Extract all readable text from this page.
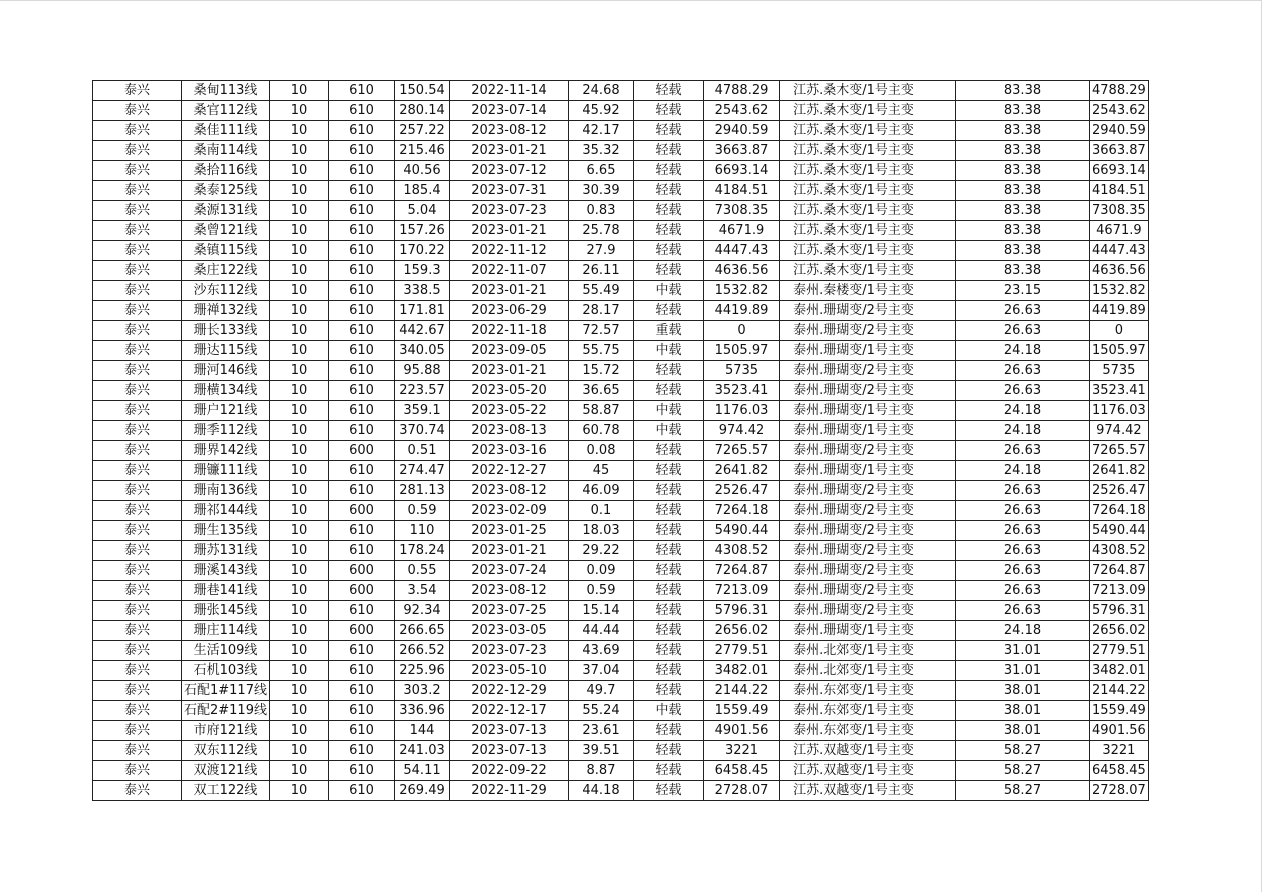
泰兴	桑甸113线	10	610	150.54	2022-11-14	24.68	轻载	4788.29	江苏.桑木变/1号主变	83.38	4788.29
泰兴	桑官112线	10	610	280.14	2023-07-14	45.92	轻载	2543.62	江苏.桑木变/1号主变	83.38	2543.62
泰兴	桑佳111线	10	610	257.22	2023-08-12	42.17	轻载	2940.59	江苏.桑木变/1号主变	83.38	2940.59
泰兴	桑南114线	10	610	215.46	2023-01-21	35.32	轻载	3663.87	江苏.桑木变/1号主变	83.38	3663.87
泰兴	桑拾116线	10	610	40.56	2023-07-12	6.65	轻载	6693.14	江苏.桑木变/1号主变	83.38	6693.14
泰兴	桑泰125线	10	610	185.4	2023-07-31	30.39	轻载	4184.51	江苏.桑木变/1号主变	83.38	4184.51
泰兴	桑源131线	10	610	5.04	2023-07-23	0.83	轻载	7308.35	江苏.桑木变/1号主变	83.38	7308.35
泰兴	桑曾121线	10	610	157.26	2023-01-21	25.78	轻载	4671.9	江苏.桑木变/1号主变	83.38	4671.9
泰兴	桑镇115线	10	610	170.22	2022-11-12	27.9	轻载	4447.43	江苏.桑木变/1号主变	83.38	4447.43
泰兴	桑庄122线	10	610	159.3	2022-11-07	26.11	轻载	4636.56	江苏.桑木变/1号主变	83.38	4636.56
泰兴	沙东112线	10	610	338.5	2023-01-21	55.49	中载	1532.82	泰州.秦楼变/1号主变	23.15	1532.82
泰兴	珊禅132线	10	610	171.81	2023-06-29	28.17	轻载	4419.89	泰州.珊瑚变/2号主变	26.63	4419.89
泰兴	珊长133线	10	610	442.67	2022-11-18	72.57	重载	0	泰州.珊瑚变/2号主变	26.63	0
泰兴	珊达115线	10	610	340.05	2023-09-05	55.75	中载	1505.97	泰州.珊瑚变/1号主变	24.18	1505.97
泰兴	珊河146线	10	610	95.88	2023-01-21	15.72	轻载	5735	泰州.珊瑚变/2号主变	26.63	5735
泰兴	珊横134线	10	610	223.57	2023-05-20	36.65	轻载	3523.41	泰州.珊瑚变/2号主变	26.63	3523.41
泰兴	珊户121线	10	610	359.1	2023-05-22	58.87	中载	1176.03	泰州.珊瑚变/1号主变	24.18	1176.03
泰兴	珊季112线	10	610	370.74	2023-08-13	60.78	中载	974.42	泰州.珊瑚变/1号主变	24.18	974.42
泰兴	珊界142线	10	600	0.51	2023-03-16	0.08	轻载	7265.57	泰州.珊瑚变/2号主变	26.63	7265.57
泰兴	珊镰111线	10	610	274.47	2022-12-27	45	轻载	2641.82	泰州.珊瑚变/1号主变	24.18	2641.82
泰兴	珊南136线	10	610	281.13	2023-08-12	46.09	轻载	2526.47	泰州.珊瑚变/2号主变	26.63	2526.47
泰兴	珊祁144线	10	600	0.59	2023-02-09	0.1	轻载	7264.18	泰州.珊瑚变/2号主变	26.63	7264.18
泰兴	珊生135线	10	610	110	2023-01-25	18.03	轻载	5490.44	泰州.珊瑚变/2号主变	26.63	5490.44
泰兴	珊苏131线	10	610	178.24	2023-01-21	29.22	轻载	4308.52	泰州.珊瑚变/2号主变	26.63	4308.52
泰兴	珊溪143线	10	600	0.55	2023-07-24	0.09	轻载	7264.87	泰州.珊瑚变/2号主变	26.63	7264.87
泰兴	珊巷141线	10	600	3.54	2023-08-12	0.59	轻载	7213.09	泰州.珊瑚变/2号主变	26.63	7213.09
泰兴	珊张145线	10	610	92.34	2023-07-25	15.14	轻载	5796.31	泰州.珊瑚变/2号主变	26.63	5796.31
泰兴	珊庄114线	10	600	266.65	2023-03-05	44.44	轻载	2656.02	泰州.珊瑚变/1号主变	24.18	2656.02
泰兴	生活109线	10	610	266.52	2023-07-23	43.69	轻载	2779.51	泰州.北郊变/1号主变	31.01	2779.51
泰兴	石机103线	10	610	225.96	2023-05-10	37.04	轻载	3482.01	泰州.北郊变/1号主变	31.01	3482.01
泰兴	石配1#117线	10	610	303.2	2022-12-29	49.7	轻载	2144.22	泰州.东郊变/1号主变	38.01	2144.22
泰兴	石配2#119线	10	610	336.96	2022-12-17	55.24	中载	1559.49	泰州.东郊变/1号主变	38.01	1559.49
泰兴	市府121线	10	610	144	2023-07-13	23.61	轻载	4901.56	泰州.东郊变/1号主变	38.01	4901.56
泰兴	双东112线	10	610	241.03	2023-07-13	39.51	轻载	3221	江苏.双越变/1号主变	58.27	3221
泰兴	双渡121线	10	610	54.11	2022-09-22	8.87	轻载	6458.45	江苏.双越变/1号主变	58.27	6458.45
泰兴	双工122线	10	610	269.49	2022-11-29	44.18	轻载	2728.07	江苏.双越变/1号主变	58.27	2728.07
